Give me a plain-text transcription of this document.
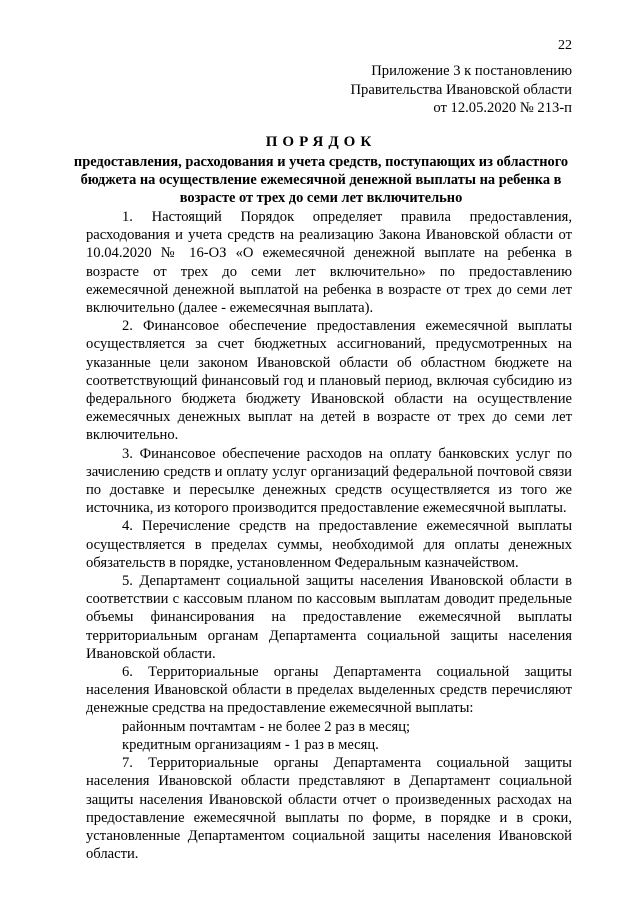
22
Приложение 3 к постановлению
Правительства Ивановской области
от 12.05.2020 № 213-п
ПОРЯДОК
предоставления, расходования и учета средств, поступающих из областного бюджета на осуществление ежемесячной денежной выплаты на ребенка в возрасте от трех до семи лет включительно

1. Настоящий Порядок определяет правила предоставления, расходования и учета средств на реализацию Закона Ивановской области от 10.04.2020 № 16-ОЗ «О ежемесячной денежной выплате на ребенка в возрасте от трех до семи лет включительно» по предоставлению ежемесячной денежной выплатой на ребенка в возрасте от трех до семи лет включительно (далее - ежемесячная выплата).

2. Финансовое обеспечение предоставления ежемесячной выплаты осуществляется за счет бюджетных ассигнований, предусмотренных на указанные цели законом Ивановской области об областном бюджете на соответствующий финансовый год и плановый период, включая субсидию из федерального бюджета бюджету Ивановской области на осуществление ежемесячных денежных выплат на детей в возрасте от трех до семи лет включительно.

3. Финансовое обеспечение расходов на оплату банковских услуг по зачислению средств и оплату услуг организаций федеральной почтовой связи по доставке и пересылке денежных средств осуществляется из того же источника, из которого производится предоставление ежемесячной выплаты.

4. Перечисление средств на предоставление ежемесячной выплаты осуществляется в пределах суммы, необходимой для оплаты денежных обязательств в порядке, установленном Федеральным казначейством.

5. Департамент социальной защиты населения Ивановской области в соответствии с кассовым планом по кассовым выплатам доводит предельные объемы финансирования на предоставление ежемесячной выплаты территориальным органам Департамента социальной защиты населения Ивановской области.

6. Территориальные органы Департамента социальной защиты населения Ивановской области в пределах выделенных средств перечисляют денежные средства на предоставление ежемесячной выплаты:

районным почтамтам - не более 2 раз в месяц;

кредитным организациям - 1 раз в месяц.

7. Территориальные органы Департамента социальной защиты населения Ивановской области представляют в Департамент социальной защиты населения Ивановской области отчет о произведенных расходах на предоставление ежемесячной выплаты по форме, в порядке и в сроки, установленные Департаментом социальной защиты населения Ивановской области.
